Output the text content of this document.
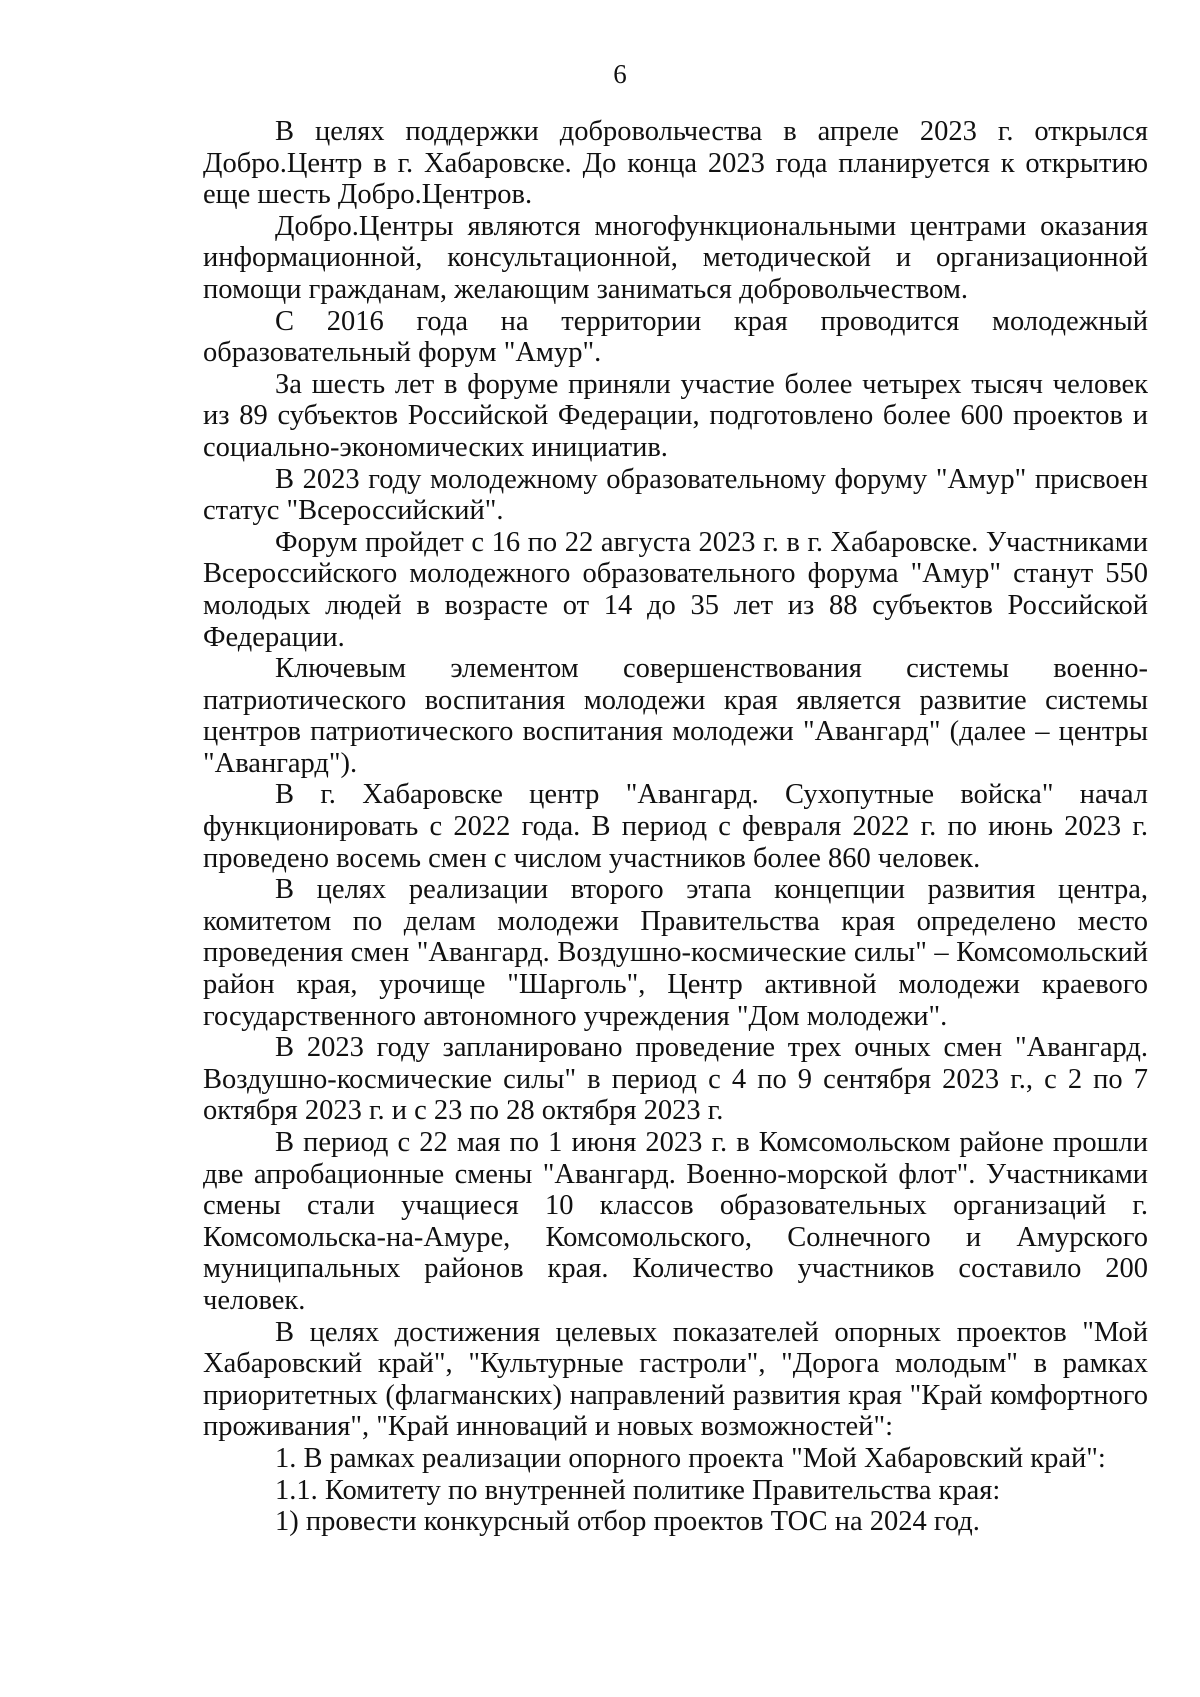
6

В целях поддержки добровольчества в апреле 2023 г. открылся Добро.Центр в г. Хабаровске. До конца 2023 года планируется к открытию еще шесть Добро.Центров.

Добро.Центры являются многофункциональными центрами оказания информационной, консультационной, методической и организационной помощи гражданам, желающим заниматься добровольчеством.

С 2016 года на территории края проводится молодежный образовательный форум "Амур".

За шесть лет в форуме приняли участие более четырех тысяч человек из 89 субъектов Российской Федерации, подготовлено более 600 проектов и социально-экономических инициатив.

В 2023 году молодежному образовательному форуму "Амур" присвоен статус "Всероссийский".

Форум пройдет с 16 по 22 августа 2023 г. в г. Хабаровске. Участниками Всероссийского молодежного образовательного форума "Амур" станут 550 молодых людей в возрасте от 14 до 35 лет из 88 субъектов Российской Федерации.

Ключевым элементом совершенствования системы военно-патриотического воспитания молодежи края является развитие системы центров патриотического воспитания молодежи "Авангард" (далее – центры "Авангард").

В г. Хабаровске центр "Авангард. Сухопутные войска" начал функционировать с 2022 года. В период с февраля 2022 г. по июнь 2023 г. проведено восемь смен с числом участников более 860 человек.

В целях реализации второго этапа концепции развития центра, комитетом по делам молодежи Правительства края определено место проведения смен "Авангард. Воздушно-космические силы" – Комсомольский район края, урочище "Шарголь", Центр активной молодежи краевого государственного автономного учреждения "Дом молодежи".

В 2023 году запланировано проведение трех очных смен "Авангард. Воздушно-космические силы" в период с 4 по 9 сентября 2023 г., с 2 по 7 октября 2023 г. и с 23 по 28 октября 2023 г.

В период с 22 мая по 1 июня 2023 г. в Комсомольском районе прошли две апробационные смены "Авангард. Военно-морской флот". Участниками смены стали учащиеся 10 классов образовательных организаций г. Комсомольска-на-Амуре, Комсомольского, Солнечного и Амурского муниципальных районов края. Количество участников составило 200 человек.

В целях достижения целевых показателей опорных проектов "Мой Хабаровский край", "Культурные гастроли", "Дорога молодым" в рамках приоритетных (флагманских) направлений развития края "Край комфортного проживания", "Край инноваций и новых возможностей":

1. В рамках реализации опорного проекта "Мой Хабаровский край":

1.1. Комитету по внутренней политике Правительства края:

1) провести конкурсный отбор проектов ТОС на 2024 год.
